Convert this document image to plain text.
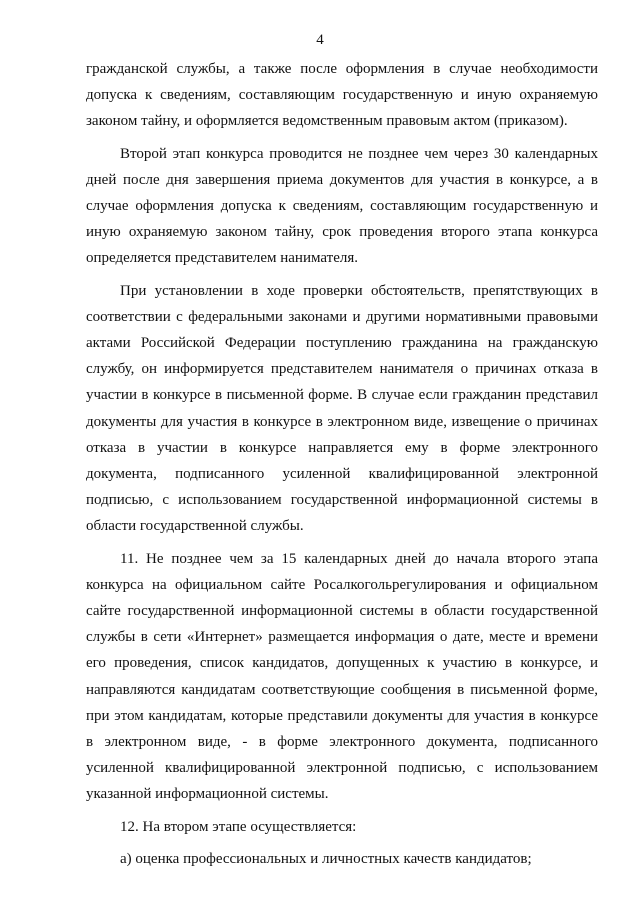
4

гражданской службы, а также после оформления в случае необходимости допуска к сведениям, составляющим государственную и иную охраняемую законом тайну, и оформляется ведомственным правовым актом (приказом).

Второй этап конкурса проводится не позднее чем через 30 календарных дней после дня завершения приема документов для участия в конкурсе, а в случае оформления допуска к сведениям, составляющим государственную и иную охраняемую законом тайну, срок проведения второго этапа конкурса определяется представителем нанимателя.

При установлении в ходе проверки обстоятельств, препятствующих в соответствии с федеральными законами и другими нормативными правовыми актами Российской Федерации поступлению гражданина на гражданскую службу, он информируется представителем нанимателя о причинах отказа в участии в конкурсе в письменной форме. В случае если гражданин представил документы для участия в конкурсе в электронном виде, извещение о причинах отказа в участии в конкурсе направляется ему в форме электронного документа, подписанного усиленной квалифицированной электронной подписью, с использованием государственной информационной системы в области государственной службы.

11. Не позднее чем за 15 календарных дней до начала второго этапа конкурса на официальном сайте Росалкогольрегулирования и официальном сайте государственной информационной системы в области государственной службы в сети «Интернет» размещается информация о дате, месте и времени его проведения, список кандидатов, допущенных к участию в конкурсе, и направляются кандидатам соответствующие сообщения в письменной форме, при этом кандидатам, которые представили документы для участия в конкурсе в электронном виде, - в форме электронного документа, подписанного усиленной квалифицированной электронной подписью, с использованием указанной информационной системы.

12. На втором этапе осуществляется:

а) оценка профессиональных и личностных качеств кандидатов;
